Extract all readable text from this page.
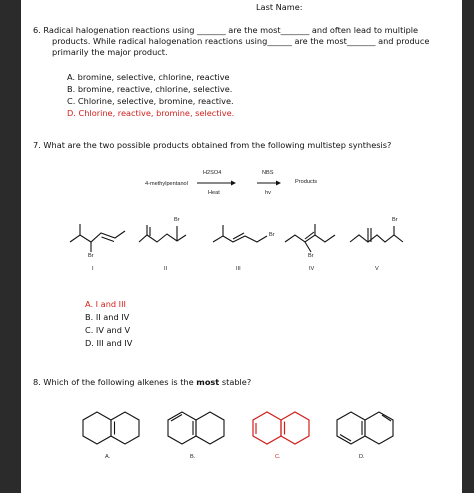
Last Name:
6. Radical halogenation reactions using _______ are the most_______ and often lead to multiple
products. While radical halogenation reactions using______ are the most_______ and produce
primarily the major product.
A. bromine, selective, chlorine, reactive
B. bromine, reactive, chlorine, selective.
C. Chlorine, selective, bromine, reactive.
D. Chlorine, reactive, bromine, selective.
7. What are the two possible products obtained from the following multistep synthesis?
4-methylpentanol
H2SO4
Heat
NBS
hv
Products
Br
Br
Br
Br
Br
I	II	III	IV	V
A. I and III
B. II and IV
C. IV and V
D. III and IV
8. Which of the following alkenes is the most stable?
A.	B.	C.	D.
